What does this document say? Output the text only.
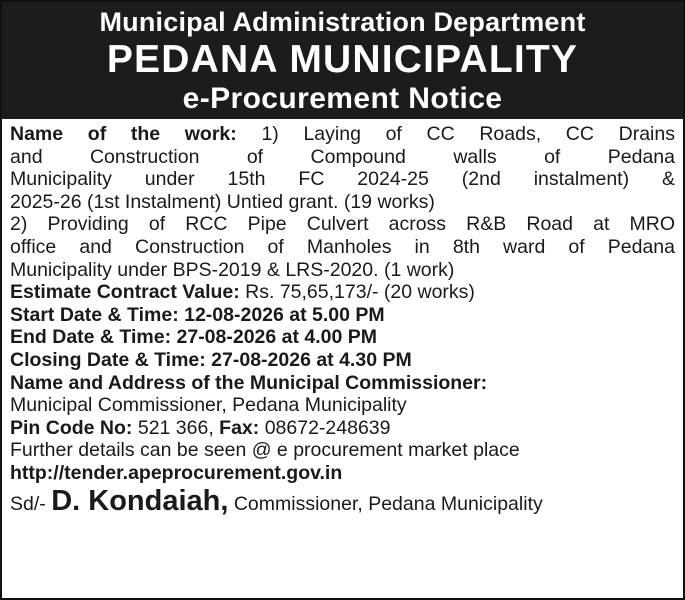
Municipal Administration Department
PEDANA MUNICIPALITY
e-Procurement Notice
Name of the work: 1) Laying of CC Roads, CC Drains
and Construction of Compound walls of Pedana
Municipality under 15th FC 2024-25 (2nd instalment) &
2025-26 (1st Instalment) Untied grant. (19 works)
2) Providing of RCC Pipe Culvert across R&B Road at MRO
office and Construction of Manholes in 8th ward of Pedana
Municipality under BPS-2019 & LRS-2020. (1 work)
Estimate Contract Value: Rs. 75,65,173/- (20 works)
Start Date & Time: 12-08-2026 at 5.00 PM
End Date & Time: 27-08-2026 at 4.00 PM
Closing Date & Time: 27-08-2026 at 4.30 PM
Name and Address of the Municipal Commissioner:
Municipal Commissioner, Pedana Municipality
Pin Code No: 521 366, Fax: 08672-248639
Further details can be seen @ e procurement market place
http://tender.apeprocurement.gov.in
Sd/- D. Kondaiah, Commissioner, Pedana Municipality
